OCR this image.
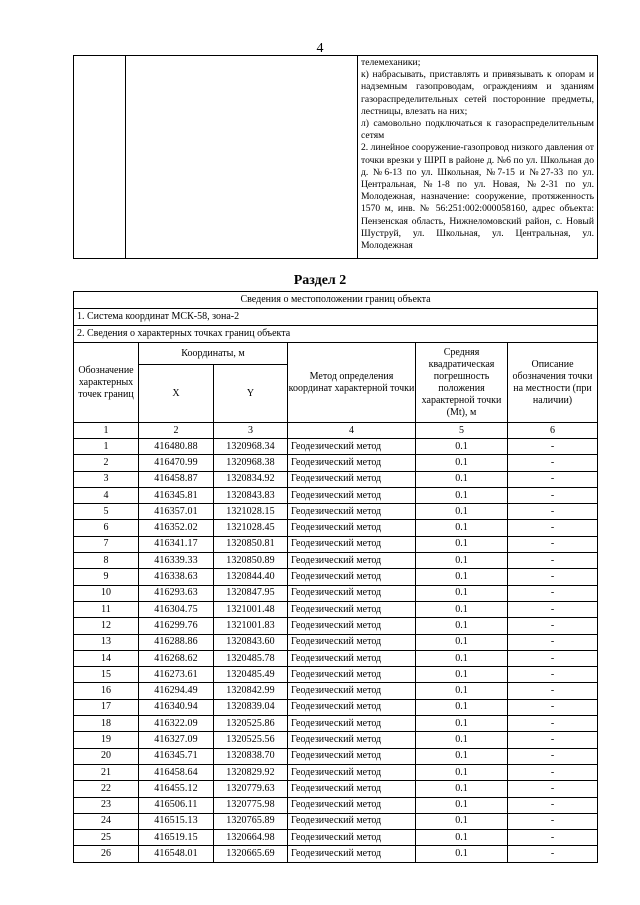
4

телемеханики;

к) набрасывать, приставлять и привязывать к опорам и надземным газопроводам, ограждениям и зданиям газораспределительных сетей посторонние предметы, лестницы, влезать на них;

л) самовольно подключаться к газораспределительным сетям

2. линейное сооружение-газопровод низкого давления от точки врезки у ШРП в районе д. №6 по ул. Школьная до д. №6-13 по ул. Школьная, №7-15 и №27-33 по ул. Центральная, №1-8 по ул. Новая, №2-31 по ул. Молодежная, назначение: сооружение, протяженность 1570 м, инв. № 56:251:002:000058160, адрес объекта: Пензенская область, Нижнеломовский район, с. Новый Шуструй, ул. Школьная, ул. Центральная, ул. Молодежная

Раздел 2
Сведения о местоположении границ объекта					
1. Система координат МСК-58, зона-2					
2. Сведения о характерных точках границ объекта					
Обозначение характерных точек границ	Координаты, м		Метод определения координат характерной точки	Средняя квадратическая погрешность положения характерной точки (Mt), м	Описание обозначения точки на местности (при наличии)
	X	Y			
1	2	3	4	5	6
1	416480.88	1320968.34	Геодезический метод	0.1	-
2	416470.99	1320968.38	Геодезический метод	0.1	-
3	416458.87	1320834.92	Геодезический метод	0.1	-
4	416345.81	1320843.83	Геодезический метод	0.1	-
5	416357.01	1321028.15	Геодезический метод	0.1	-
6	416352.02	1321028.45	Геодезический метод	0.1	-
7	416341.17	1320850.81	Геодезический метод	0.1	-
8	416339.33	1320850.89	Геодезический метод	0.1	-
9	416338.63	1320844.40	Геодезический метод	0.1	-
10	416293.63	1320847.95	Геодезический метод	0.1	-
11	416304.75	1321001.48	Геодезический метод	0.1	-
12	416299.76	1321001.83	Геодезический метод	0.1	-
13	416288.86	1320843.60	Геодезический метод	0.1	-
14	416268.62	1320485.78	Геодезический метод	0.1	-
15	416273.61	1320485.49	Геодезический метод	0.1	-
16	416294.49	1320842.99	Геодезический метод	0.1	-
17	416340.94	1320839.04	Геодезический метод	0.1	-
18	416322.09	1320525.86	Геодезический метод	0.1	-
19	416327.09	1320525.56	Геодезический метод	0.1	-
20	416345.71	1320838.70	Геодезический метод	0.1	-
21	416458.64	1320829.92	Геодезический метод	0.1	-
22	416455.12	1320779.63	Геодезический метод	0.1	-
23	416506.11	1320775.98	Геодезический метод	0.1	-
24	416515.13	1320765.89	Геодезический метод	0.1	-
25	416519.15	1320664.98	Геодезический метод	0.1	-
26	416548.01	1320665.69	Геодезический метод	0.1	-
